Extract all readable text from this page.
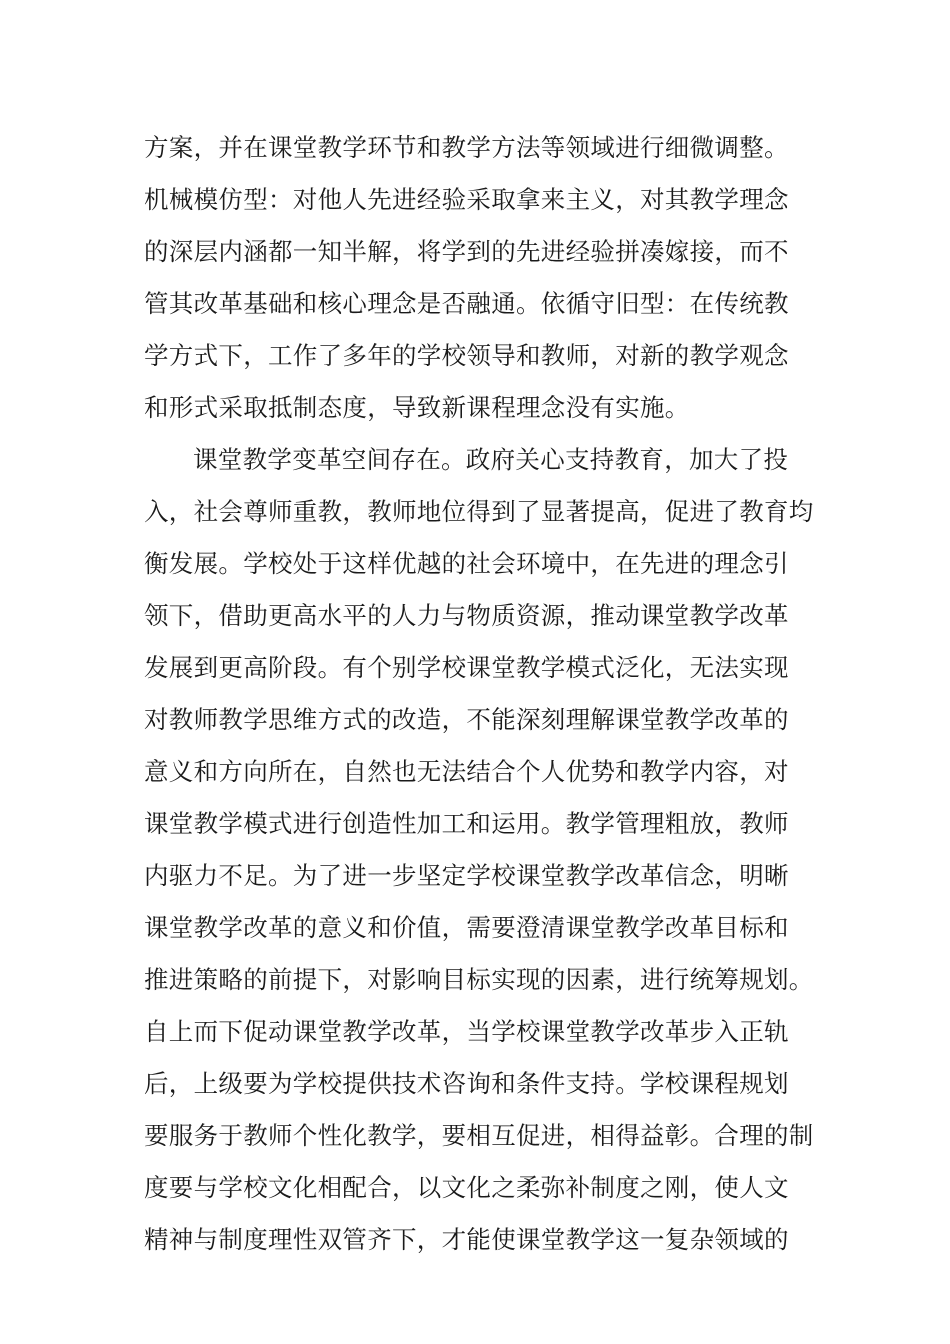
方案，并在课堂教学环节和教学方法等领域进行细微调整。
机械模仿型：对他人先进经验采取拿来主义，对其教学理念
的深层内涵都一知半解，将学到的先进经验拼凑嫁接，而不
管其改革基础和核心理念是否融通。依循守旧型：在传统教
学方式下，工作了多年的学校领导和教师，对新的教学观念
和形式采取抵制态度，导致新课程理念没有实施。
课堂教学变革空间存在。政府关心支持教育，加大了投
入，社会尊师重教，教师地位得到了显著提高，促进了教育均
衡发展。学校处于这样优越的社会环境中，在先进的理念引
领下，借助更高水平的人力与物质资源，推动课堂教学改革
发展到更高阶段。有个别学校课堂教学模式泛化，无法实现
对教师教学思维方式的改造，不能深刻理解课堂教学改革的
意义和方向所在，自然也无法结合个人优势和教学内容，对
课堂教学模式进行创造性加工和运用。教学管理粗放，教师
内驱力不足。为了进一步坚定学校课堂教学改革信念，明晰
课堂教学改革的意义和价值，需要澄清课堂教学改革目标和
推进策略的前提下，对影响目标实现的因素，进行统筹规划。
自上而下促动课堂教学改革，当学校课堂教学改革步入正轨
后，上级要为学校提供技术咨询和条件支持。学校课程规划
要服务于教师个性化教学，要相互促进，相得益彰。合理的制
度要与学校文化相配合，以文化之柔弥补制度之刚，使人文
精神与制度理性双管齐下，才能使课堂教学这一复杂领域的
